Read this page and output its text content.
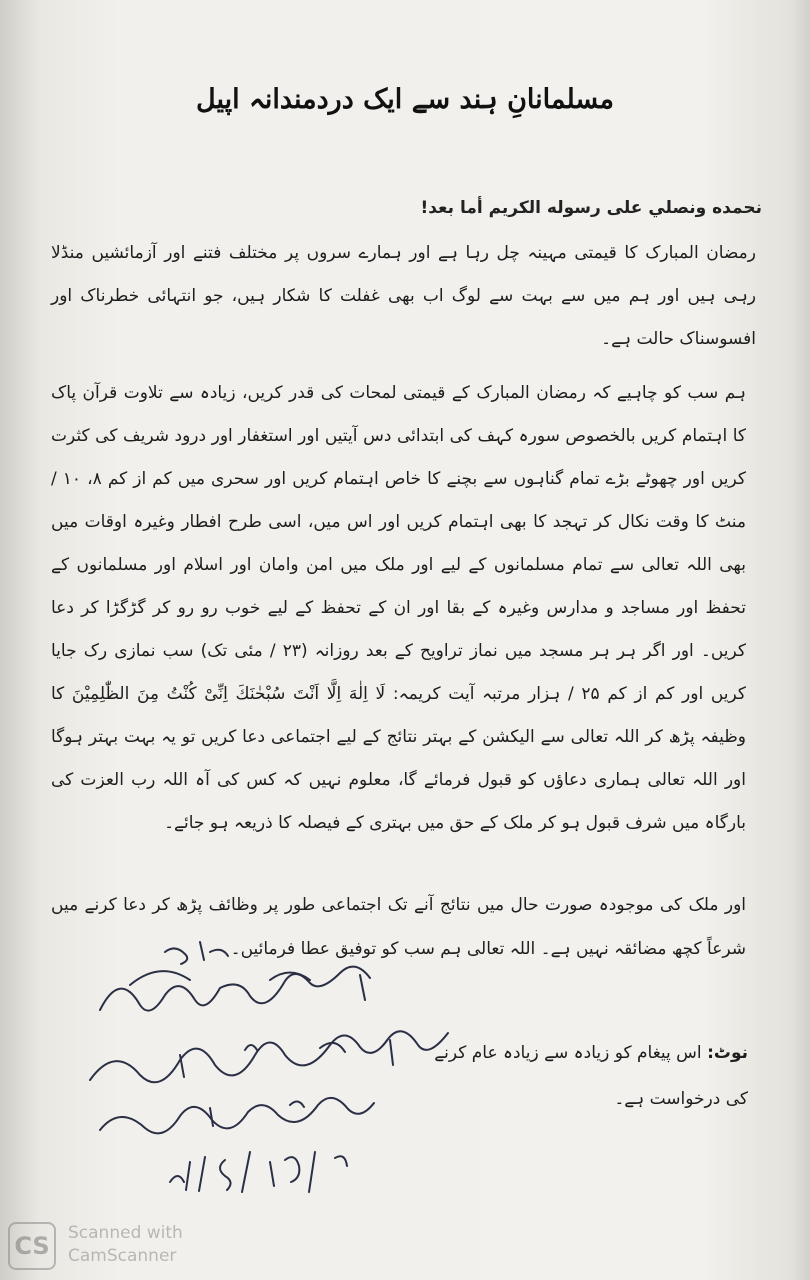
مسلمانانِ ہند سے ایک دردمندانہ اپیل
نحمده ونصلي على رسوله الكريم أما بعد!

رمضان المبارک کا قیمتی مہینہ چل رہا ہے اور ہمارے سروں پر مختلف فتنے اور آزمائشیں منڈلا رہی ہیں اور ہم میں سے بہت سے لوگ اب بھی غفلت کا شکار ہیں، جو انتہائی خطرناک اور افسوسناک حالت ہے۔

ہم سب کو چاہیے کہ رمضان المبارک کے قیمتی لمحات کی قدر کریں، زیادہ سے تلاوت قرآن پاک کا اہتمام کریں بالخصوص سورہ کہف کی ابتدائی دس آیتیں اور استغفار اور درود شریف کی کثرت کریں اور چھوٹے بڑے تمام گناہوں سے بچنے کا خاص اہتمام کریں اور سحری میں کم از کم ۸، ۱۰ / منٹ کا وقت نکال کر تہجد کا بھی اہتمام کریں اور اس میں، اسی طرح افطار وغیرہ اوقات میں بھی اللہ تعالی سے تمام مسلمانوں کے لیے اور ملک میں امن وامان اور اسلام اور مسلمانوں کے تحفظ اور مساجد و مدارس وغیرہ کے بقا اور ان کے تحفظ کے لیے خوب رو رو کر گڑگڑا کر دعا کریں۔ اور اگر ہر ہر مسجد میں نماز تراویح کے بعد روزانہ (۲۳ / مئی تک) سب نمازی رک جایا کریں اور کم از کم ۲۵ / ہزار مرتبہ آیت کریمہ: لَا اِلٰهَ اِلَّا اَنْتَ سُبْحٰنَكَ اِنِّیْ كُنْتُ مِنَ الظّٰلِمِیْنَ کا وظیفہ پڑھ کر اللہ تعالی سے الیکشن کے بہتر نتائج کے لیے اجتماعی دعا کریں تو یہ بہت بہتر ہوگا اور اللہ تعالی ہماری دعاؤں کو قبول فرمائے گا، معلوم نہیں کہ کس کی آہ اللہ رب العزت کی بارگاہ میں شرف قبول ہو کر ملک کے حق میں بہتری کے فیصلہ کا ذریعہ ہو جائے۔

اور ملک کی موجودہ صورت حال میں نتائج آنے تک اجتماعی طور پر وظائف پڑھ کر دعا کرنے میں شرعاً کچھ مضائقہ نہیں ہے۔ اللہ تعالی ہم سب کو توفیق عطا فرمائیں۔

نوٹ: اس پیغام کو زیادہ سے زیادہ عام کرنے کی درخواست ہے۔
CS	Scanned with
CamScanner
